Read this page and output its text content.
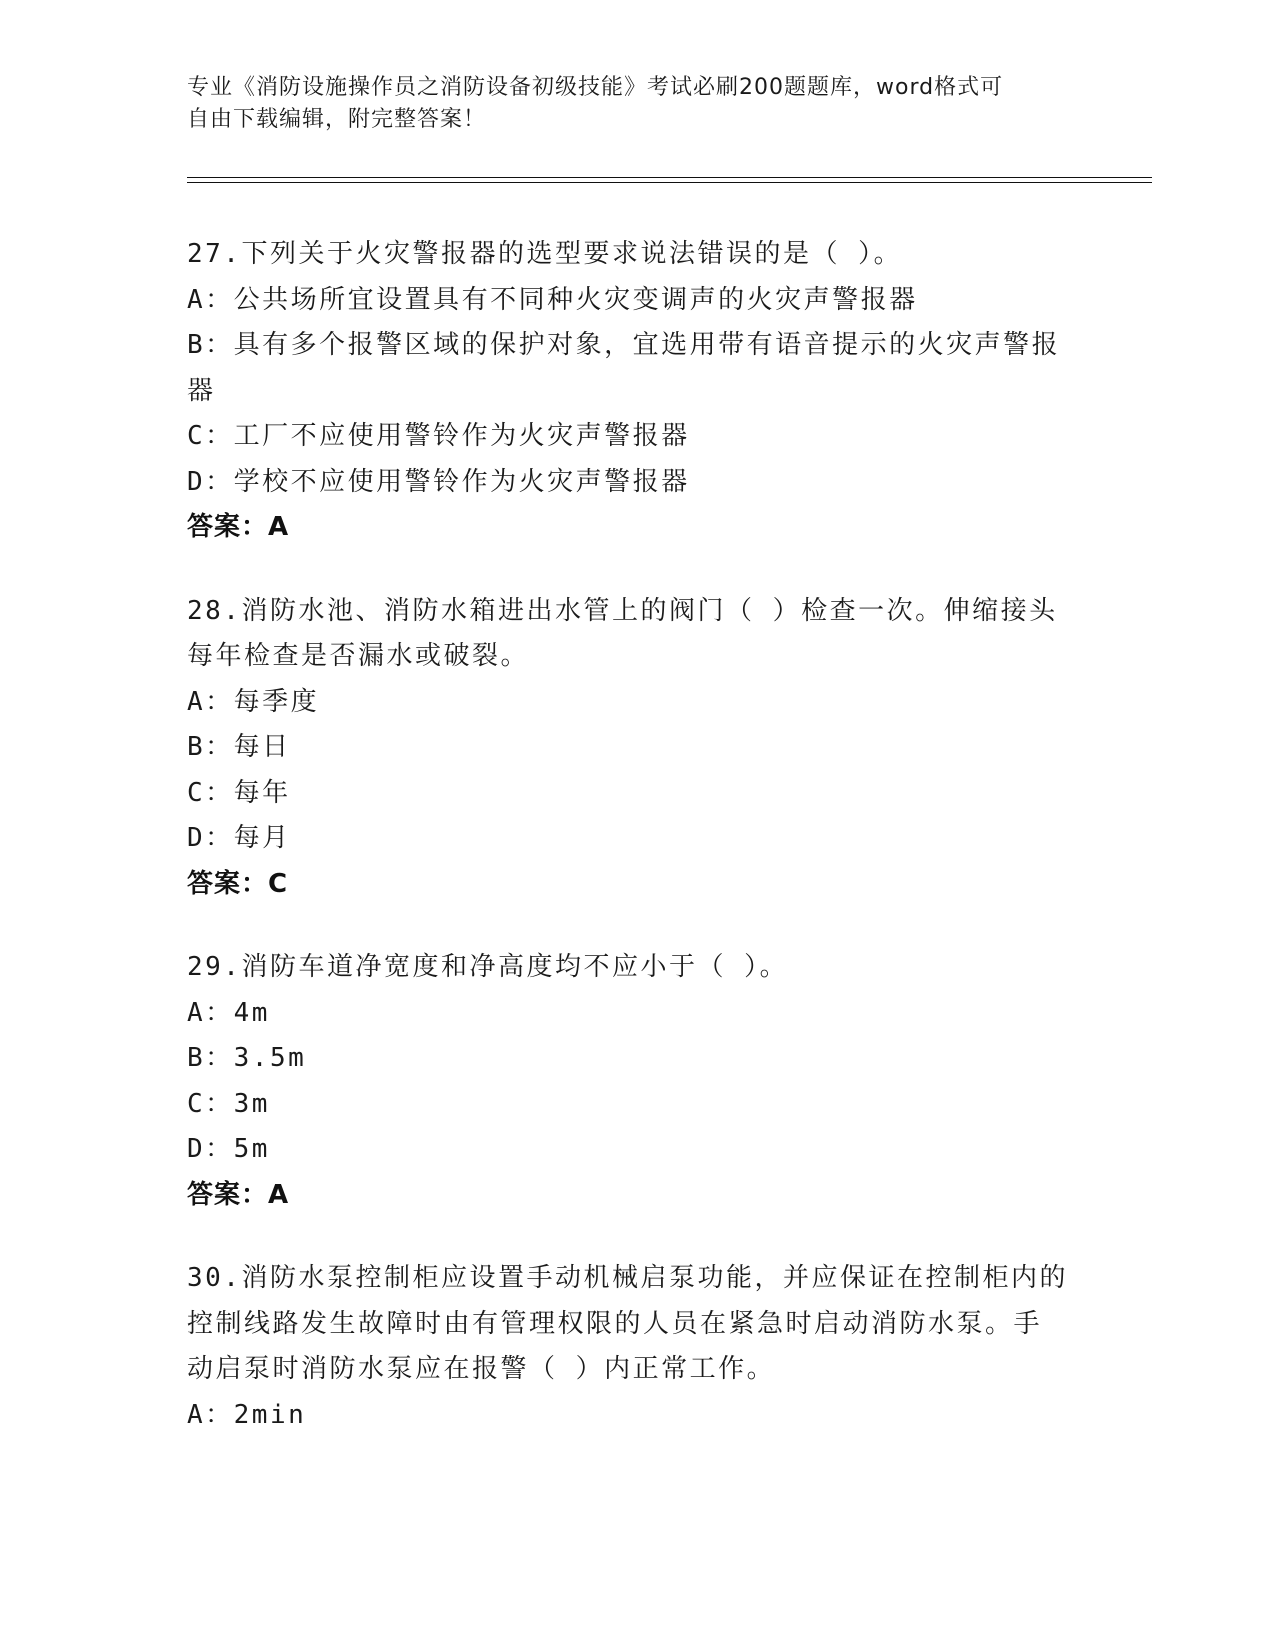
专业《消防设施操作员之消防设备初级技能》考试必刷200题题库，word格式可
自由下载编辑，附完整答案！

27.下列关于火灾警报器的选型要求说法错误的是（ ）。

A：公共场所宜设置具有不同种火灾变调声的火灾声警报器

B：具有多个报警区域的保护对象，宜选用带有语音提示的火灾声警报

器

C：工厂不应使用警铃作为火灾声警报器

D：学校不应使用警铃作为火灾声警报器

答案：A

28.消防水池、消防水箱进出水管上的阀门（ ）检查一次。伸缩接头

每年检查是否漏水或破裂。

A：每季度

B：每日

C：每年

D：每月

答案：C

29.消防车道净宽度和净高度均不应小于（ ）。

A：4m

B：3.5m

C：3m

D：5m

答案：A

30.消防水泵控制柜应设置手动机械启泵功能，并应保证在控制柜内的

控制线路发生故障时由有管理权限的人员在紧急时启动消防水泵。手

动启泵时消防水泵应在报警（ ）内正常工作。

A：2min
